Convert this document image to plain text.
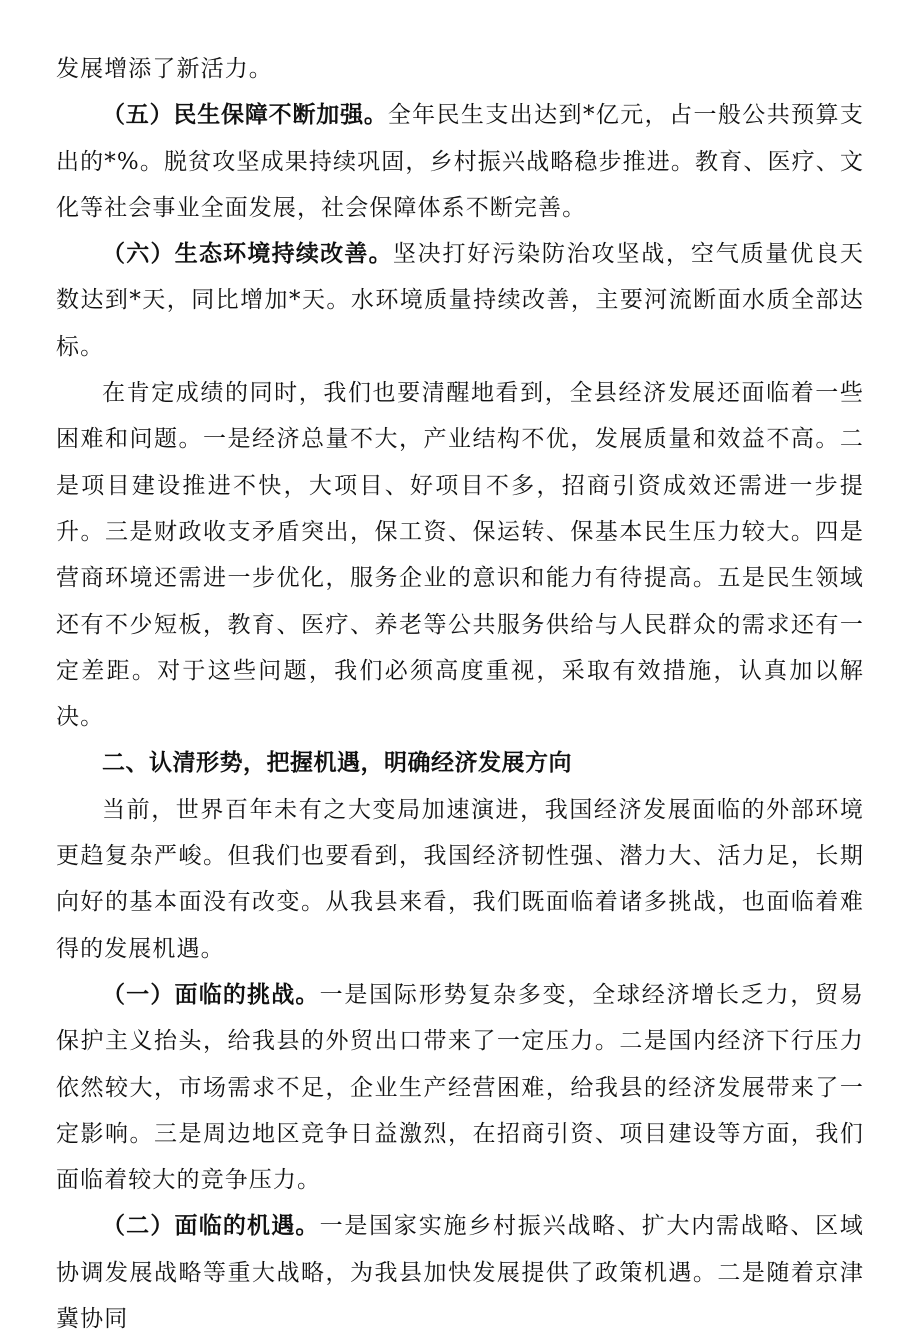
发展增添了新活力。

（五）民生保障不断加强。全年民生支出达到*亿元，占一般公共预算支出的*%。脱贫攻坚成果持续巩固，乡村振兴战略稳步推进。教育、医疗、文化等社会事业全面发展，社会保障体系不断完善。

（六）生态环境持续改善。坚决打好污染防治攻坚战，空气质量优良天数达到*天，同比增加*天。水环境质量持续改善，主要河流断面水质全部达标。

在肯定成绩的同时，我们也要清醒地看到，全县经济发展还面临着一些困难和问题。一是经济总量不大，产业结构不优，发展质量和效益不高。二是项目建设推进不快，大项目、好项目不多，招商引资成效还需进一步提升。三是财政收支矛盾突出，保工资、保运转、保基本民生压力较大。四是营商环境还需进一步优化，服务企业的意识和能力有待提高。五是民生领域还有不少短板，教育、医疗、养老等公共服务供给与人民群众的需求还有一定差距。对于这些问题，我们必须高度重视，采取有效措施，认真加以解决。

二、认清形势，把握机遇，明确经济发展方向

当前，世界百年未有之大变局加速演进，我国经济发展面临的外部环境更趋复杂严峻。但我们也要看到，我国经济韧性强、潜力大、活力足，长期向好的基本面没有改变。从我县来看，我们既面临着诸多挑战，也面临着难得的发展机遇。

（一）面临的挑战。一是国际形势复杂多变，全球经济增长乏力，贸易保护主义抬头，给我县的外贸出口带来了一定压力。二是国内经济下行压力依然较大，市场需求不足，企业生产经营困难，给我县的经济发展带来了一定影响。三是周边地区竞争日益激烈，在招商引资、项目建设等方面，我们面临着较大的竞争压力。

（二）面临的机遇。一是国家实施乡村振兴战略、扩大内需战略、区域协调发展战略等重大战略，为我县加快发展提供了政策机遇。二是随着京津冀协同
